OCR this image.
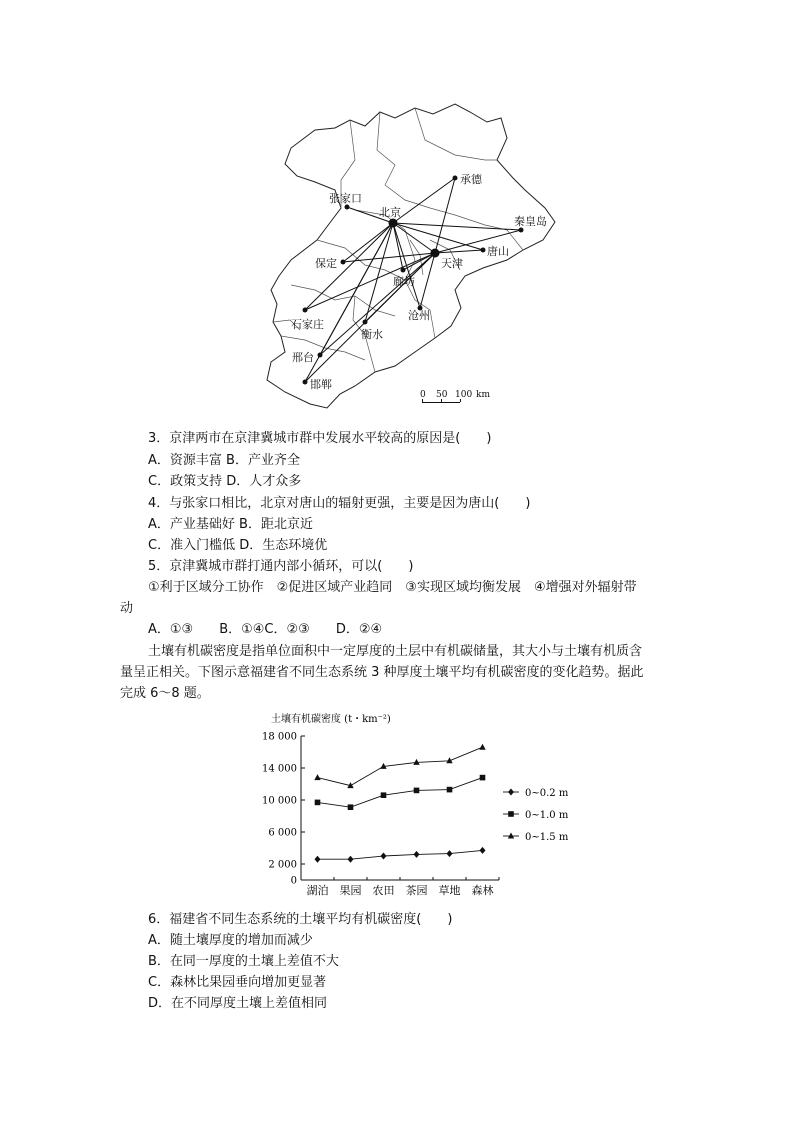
承德
张家口
北京
秦皇岛
唐山
保定	天津
廊坊
沧州
石家庄
衡水
邢台
邯郸
0 50 100 km
3．京津两市在京津冀城市群中发展水平较高的原因是(　　)
A．资源丰富 B．产业齐全
C．政策支持 D．人才众多
4．与张家口相比，北京对唐山的辐射更强，主要是因为唐山(　　)
A．产业基础好 B．距北京近
C．准入门槛低 D．生态环境优
5．京津冀城市群打通内部小循环，可以(　　)
①利于区域分工协作　②促进区域产业趋同　③实现区域均衡发展　④增强对外辐射带
动
A．①③　　B．①④C．②③　　D．②④
土壤有机碳密度是指单位面积中一定厚度的土层中有机碳储量，其大小与土壤有机质含
量呈正相关。下图示意福建省不同生态系统 3 种厚度土壤平均有机碳密度的变化趋势。据此
完成 6～8 题。
土壤有机碳密度 (t・km⁻²)
18 000
14 000
10 000
6 000
2 000
0
湖泊 果园 农田 茶园 草地 森林
0~0.2 m
0~1.0 m
0~1.5 m
6．福建省不同生态系统的土壤平均有机碳密度(　　)
A．随土壤厚度的增加而减少
B．在同一厚度的土壤上差值不大
C．森林比果园垂向增加更显著
D．在不同厚度土壤上差值相同
